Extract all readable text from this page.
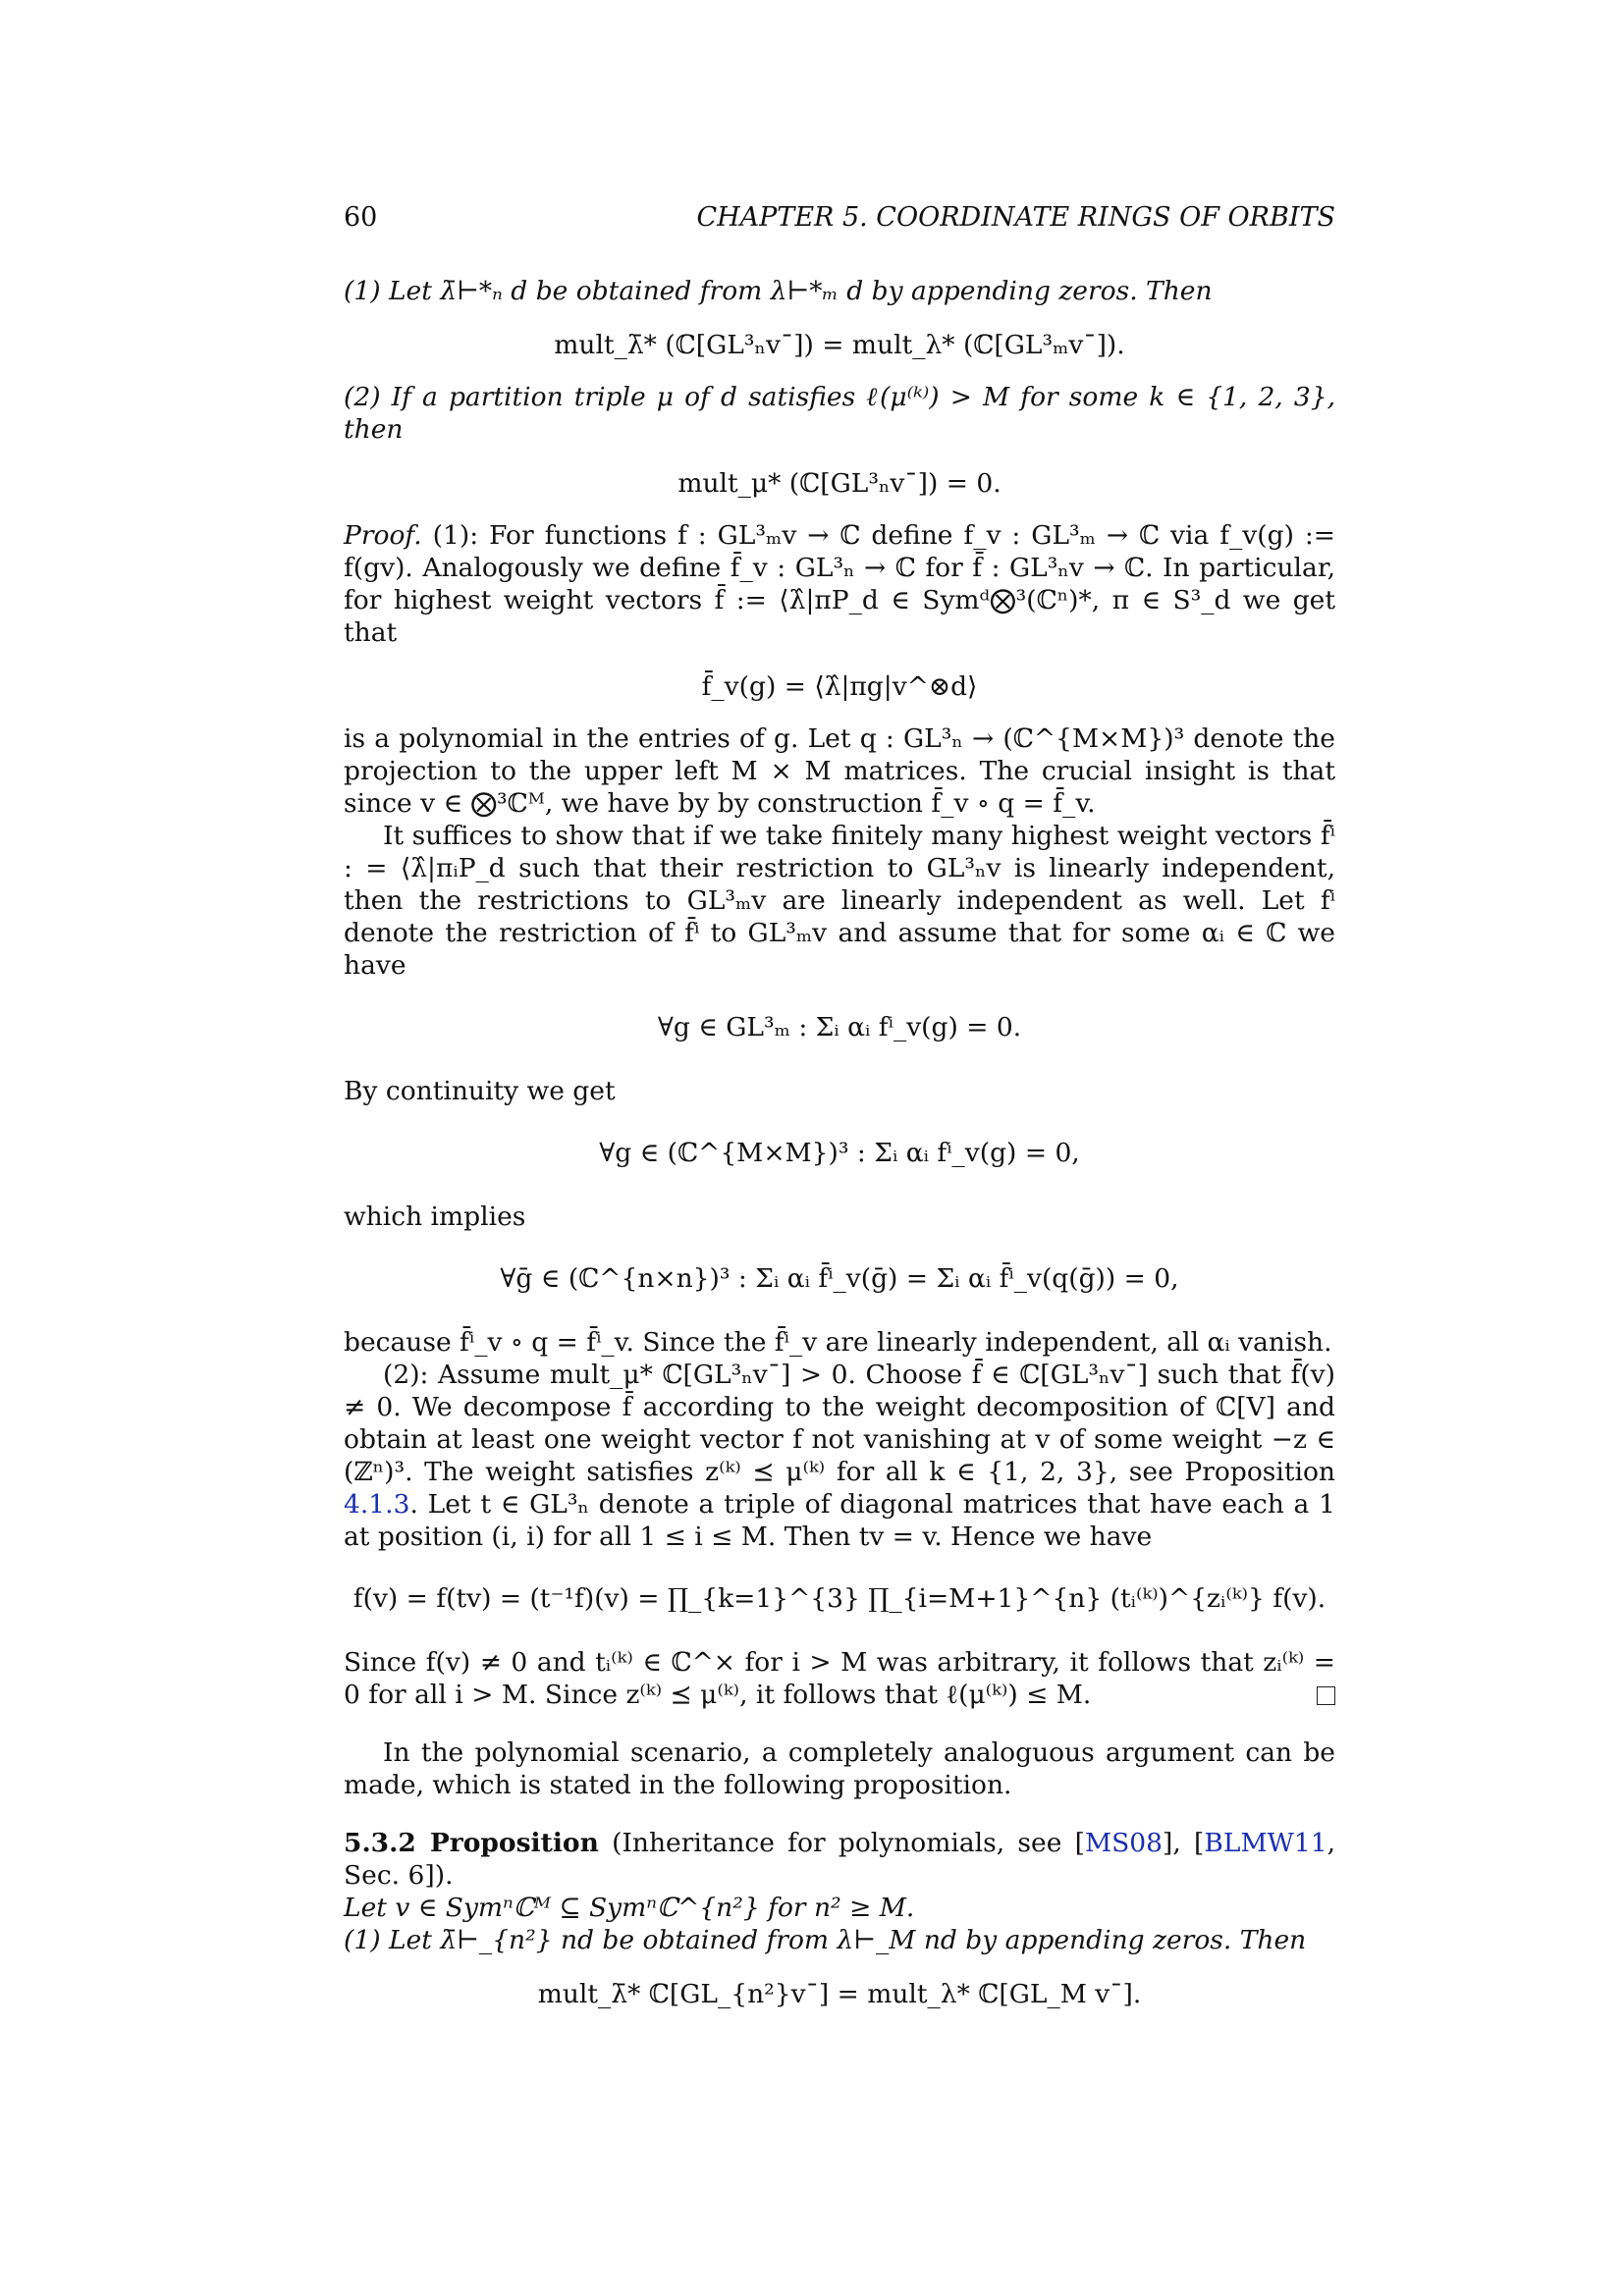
60	CHAPTER 5. COORDINATE RINGS OF ORBITS

(1) Let λ̄⊢*ₙ d be obtained from λ⊢*ₘ d by appending zeros. Then

mult_λ̄* (ℂ[GL³ₙv¯]) = mult_λ* (ℂ[GL³ₘv¯]).

(2) If a partition triple μ of d satisfies ℓ(μ⁽ᵏ⁾) > M for some k ∈ {1, 2, 3}, then

mult_μ* (ℂ[GL³ₙv¯]) = 0.

Proof. (1): For functions f : GL³ₘv → ℂ define f_v : GL³ₘ → ℂ via f_v(g) := f(gv). Analogously we define f̄_v : GL³ₙ → ℂ for f̄ : GL³ₙv → ℂ. In particular, for highest weight vectors f̄ := ⟨λ̂|πP_d ∈ Symᵈ⨂³(ℂⁿ)*, π ∈ S³_d we get that

f̄_v(g) = ⟨λ̂|πg|v^⊗d⟩

is a polynomial in the entries of g. Let q : GL³ₙ → (ℂ^{M×M})³ denote the projection to the upper left M × M matrices. The crucial insight is that since v ∈ ⨂³ℂᴹ, we have by by construction f̄_v ∘ q = f̄_v.

It suffices to show that if we take finitely many highest weight vectors f̄ⁱ : = ⟨λ̂|πᵢP_d such that their restriction to GL³ₙv is linearly independent, then the restrictions to GL³ₘv are linearly independent as well. Let fⁱ denote the restriction of f̄ⁱ to GL³ₘv and assume that for some αᵢ ∈ ℂ we have

∀g ∈ GL³ₘ : Σᵢ αᵢ fⁱ_v(g) = 0.

By continuity we get

∀g ∈ (ℂ^{M×M})³ : Σᵢ αᵢ fⁱ_v(g) = 0,

which implies

∀ḡ ∈ (ℂ^{n×n})³ : Σᵢ αᵢ f̄ⁱ_v(ḡ) = Σᵢ αᵢ f̄ⁱ_v(q(ḡ)) = 0,

because f̄ⁱ_v ∘ q = f̄ⁱ_v. Since the f̄ⁱ_v are linearly independent, all αᵢ vanish.

(2): Assume mult_μ* ℂ[GL³ₙv¯] > 0. Choose f̄ ∈ ℂ[GL³ₙv¯] such that f̄(v) ≠ 0. We decompose f̄ according to the weight decomposition of ℂ[V] and obtain at least one weight vector f not vanishing at v of some weight −z ∈ (ℤⁿ)³. The weight satisfies z⁽ᵏ⁾ ⪯ μ⁽ᵏ⁾ for all k ∈ {1, 2, 3}, see Proposition 4.1.3. Let t ∈ GL³ₙ denote a triple of diagonal matrices that have each a 1 at position (i, i) for all 1 ≤ i ≤ M. Then tv = v. Hence we have

f(v) = f(tv) = (t⁻¹f)(v) = ∏_{k=1}^{3} ∏_{i=M+1}^{n} (tᵢ⁽ᵏ⁾)^{zᵢ⁽ᵏ⁾} f(v).

Since f(v) ≠ 0 and tᵢ⁽ᵏ⁾ ∈ ℂ^× for i > M was arbitrary, it follows that zᵢ⁽ᵏ⁾ = 0 for all i > M. Since z⁽ᵏ⁾ ⪯ μ⁽ᵏ⁾, it follows that ℓ(μ⁽ᵏ⁾) ≤ M.

In the polynomial scenario, a completely analoguous argument can be made, which is stated in the following proposition.

5.3.2 Proposition (Inheritance for polynomials, see [MS08], [BLMW11, Sec. 6]).

Let v ∈ Symⁿℂᴹ ⊆ Symⁿℂ^{n²} for n² ≥ M.

(1) Let λ̄⊢_{n²} nd be obtained from λ⊢_M nd by appending zeros. Then

mult_λ̄* ℂ[GL_{n²}v¯] = mult_λ* ℂ[GL_M v¯].
